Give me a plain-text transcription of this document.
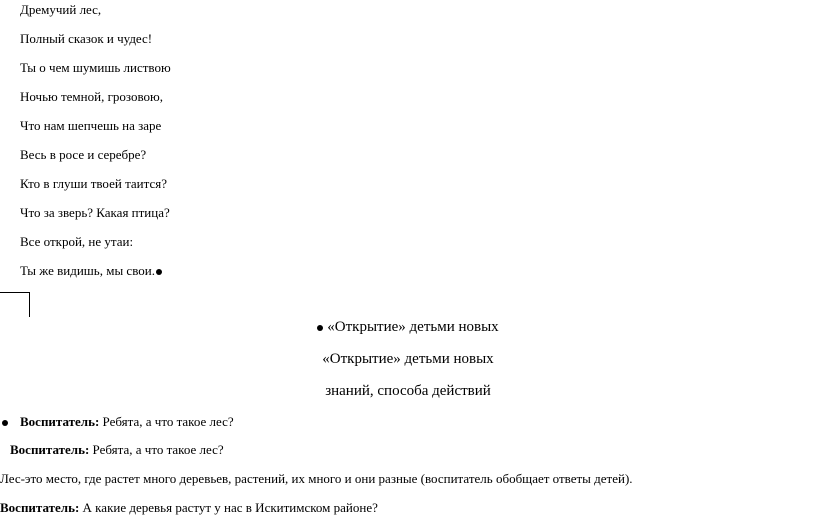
Дремучий лес,
Полный сказок и чудес!
Ты о чем шумишь листвою
Ночью темной, грозовою,
Что нам шепчешь на заре
Весь в росе и серебре?
Кто в глуши твоей таится?
Что за зверь? Какая птица?
Все открой, не утаи:
Ты же видишь, мы свои.
«Открытие» детьми новых
«Открытие» детьми новых
знаний, способа действий
Воспитатель: Ребята, а что такое лес?
Воспитатель: Ребята, а что такое лес?
Лес-это место, где растет много деревьев, растений, их много и они разные (воспитатель обобщает ответы детей).
Воспитатель: А какие деревья растут у нас в Искитимском районе?
